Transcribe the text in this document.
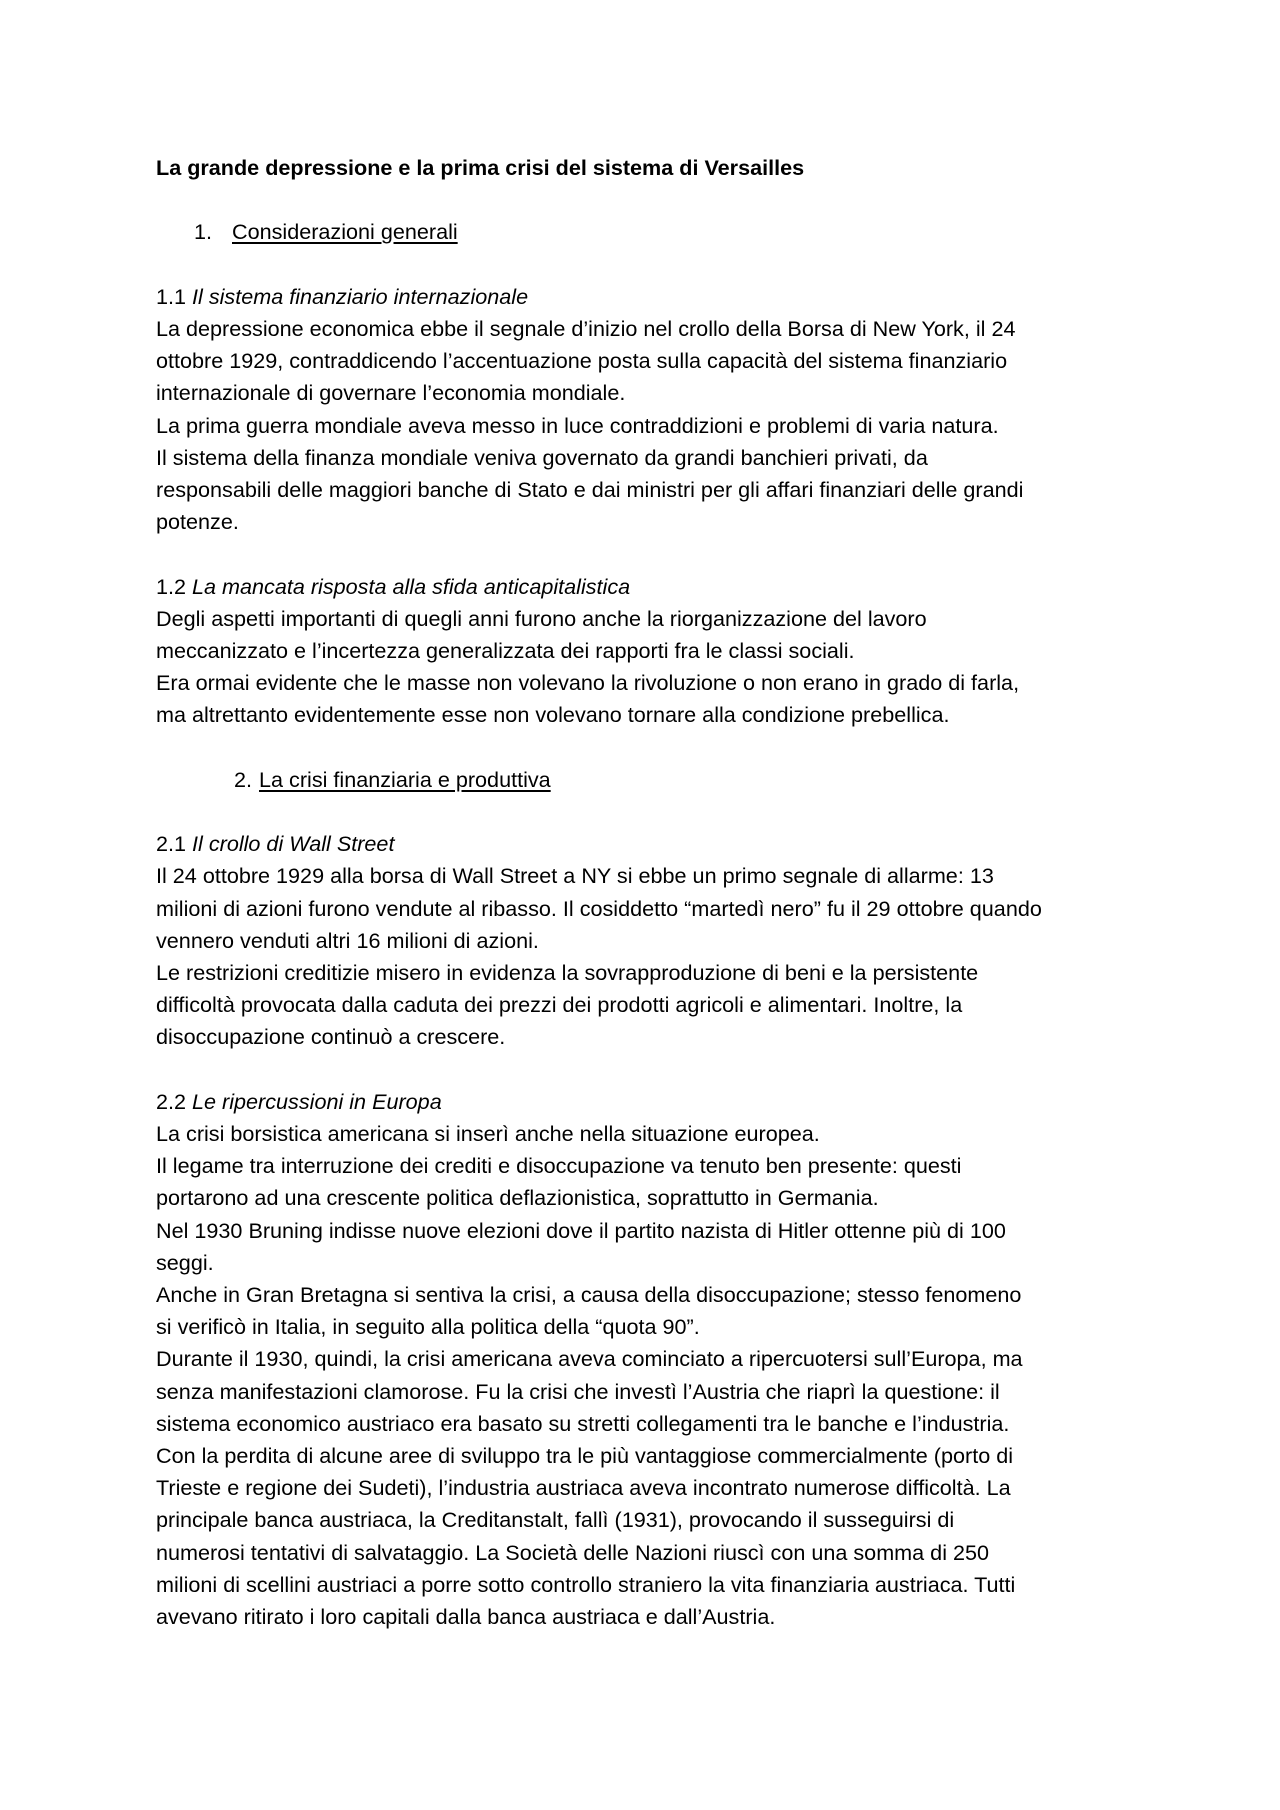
La grande depressione e la prima crisi del sistema di Versailles

1. Considerazioni generali

1.1 Il sistema finanziario internazionale

La depressione economica ebbe il segnale d’inizio nel crollo della Borsa di New York, il 24
ottobre 1929, contraddicendo l’accentuazione posta sulla capacità del sistema finanziario
internazionale di governare l’economia mondiale.
La prima guerra mondiale aveva messo in luce contraddizioni e problemi di varia natura.
Il sistema della finanza mondiale veniva governato da grandi banchieri privati, da
responsabili delle maggiori banche di Stato e dai ministri per gli affari finanziari delle grandi
potenze.

1.2 La mancata risposta alla sfida anticapitalistica

Degli aspetti importanti di quegli anni furono anche la riorganizzazione del lavoro
meccanizzato e l’incertezza generalizzata dei rapporti fra le classi sociali.
Era ormai evidente che le masse non volevano la rivoluzione o non erano in grado di farla,
ma altrettanto evidentemente esse non volevano tornare alla condizione prebellica.

2. La crisi finanziaria e produttiva

2.1 Il crollo di Wall Street

Il 24 ottobre 1929 alla borsa di Wall Street a NY si ebbe un primo segnale di allarme: 13
milioni di azioni furono vendute al ribasso. Il cosiddetto “martedì nero” fu il 29 ottobre quando
vennero venduti altri 16 milioni di azioni.
Le restrizioni creditizie misero in evidenza la sovrapproduzione di beni e la persistente
difficoltà provocata dalla caduta dei prezzi dei prodotti agricoli e alimentari. Inoltre, la
disoccupazione continuò a crescere.

2.2 Le ripercussioni in Europa

La crisi borsistica americana si inserì anche nella situazione europea.
Il legame tra interruzione dei crediti e disoccupazione va tenuto ben presente: questi
portarono ad una crescente politica deflazionistica, soprattutto in Germania.
Nel 1930 Bruning indisse nuove elezioni dove il partito nazista di Hitler ottenne più di 100
seggi.
Anche in Gran Bretagna si sentiva la crisi, a causa della disoccupazione; stesso fenomeno
si verificò in Italia, in seguito alla politica della “quota 90”.
Durante il 1930, quindi, la crisi americana aveva cominciato a ripercuotersi sull’Europa, ma
senza manifestazioni clamorose. Fu la crisi che investì l’Austria che riaprì la questione: il
sistema economico austriaco era basato su stretti collegamenti tra le banche e l’industria.
Con la perdita di alcune aree di sviluppo tra le più vantaggiose commercialmente (porto di
Trieste e regione dei Sudeti), l’industria austriaca aveva incontrato numerose difficoltà. La
principale banca austriaca, la Creditanstalt, fallì (1931), provocando il susseguirsi di
numerosi tentativi di salvataggio. La Società delle Nazioni riuscì con una somma di 250
milioni di scellini austriaci a porre sotto controllo straniero la vita finanziaria austriaca. Tutti
avevano ritirato i loro capitali dalla banca austriaca e dall’Austria.
